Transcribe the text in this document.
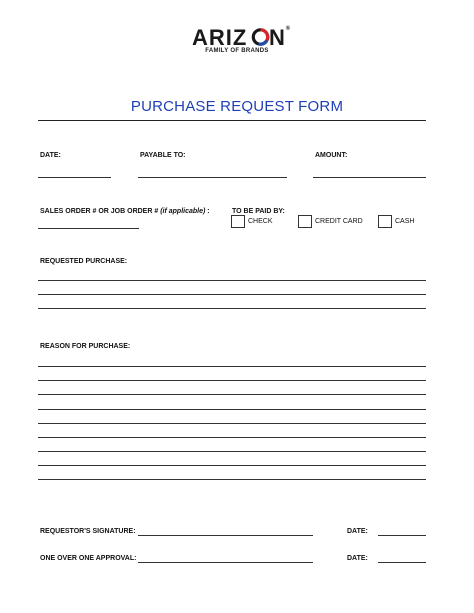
®
ARIZ N
FAMILY OF BRANDS
PURCHASE REQUEST FORM
DATE:	PAYABLE TO:	AMOUNT:
SALES ORDER # OR JOB ORDER # (if applicable) :	TO BE PAID BY:
CHECK	CREDIT CARD	CASH
REQUESTED PURCHASE:
REASON FOR PURCHASE:
REQUESTOR'S SIGNATURE:	DATE:
ONE OVER ONE APPROVAL:	DATE:
